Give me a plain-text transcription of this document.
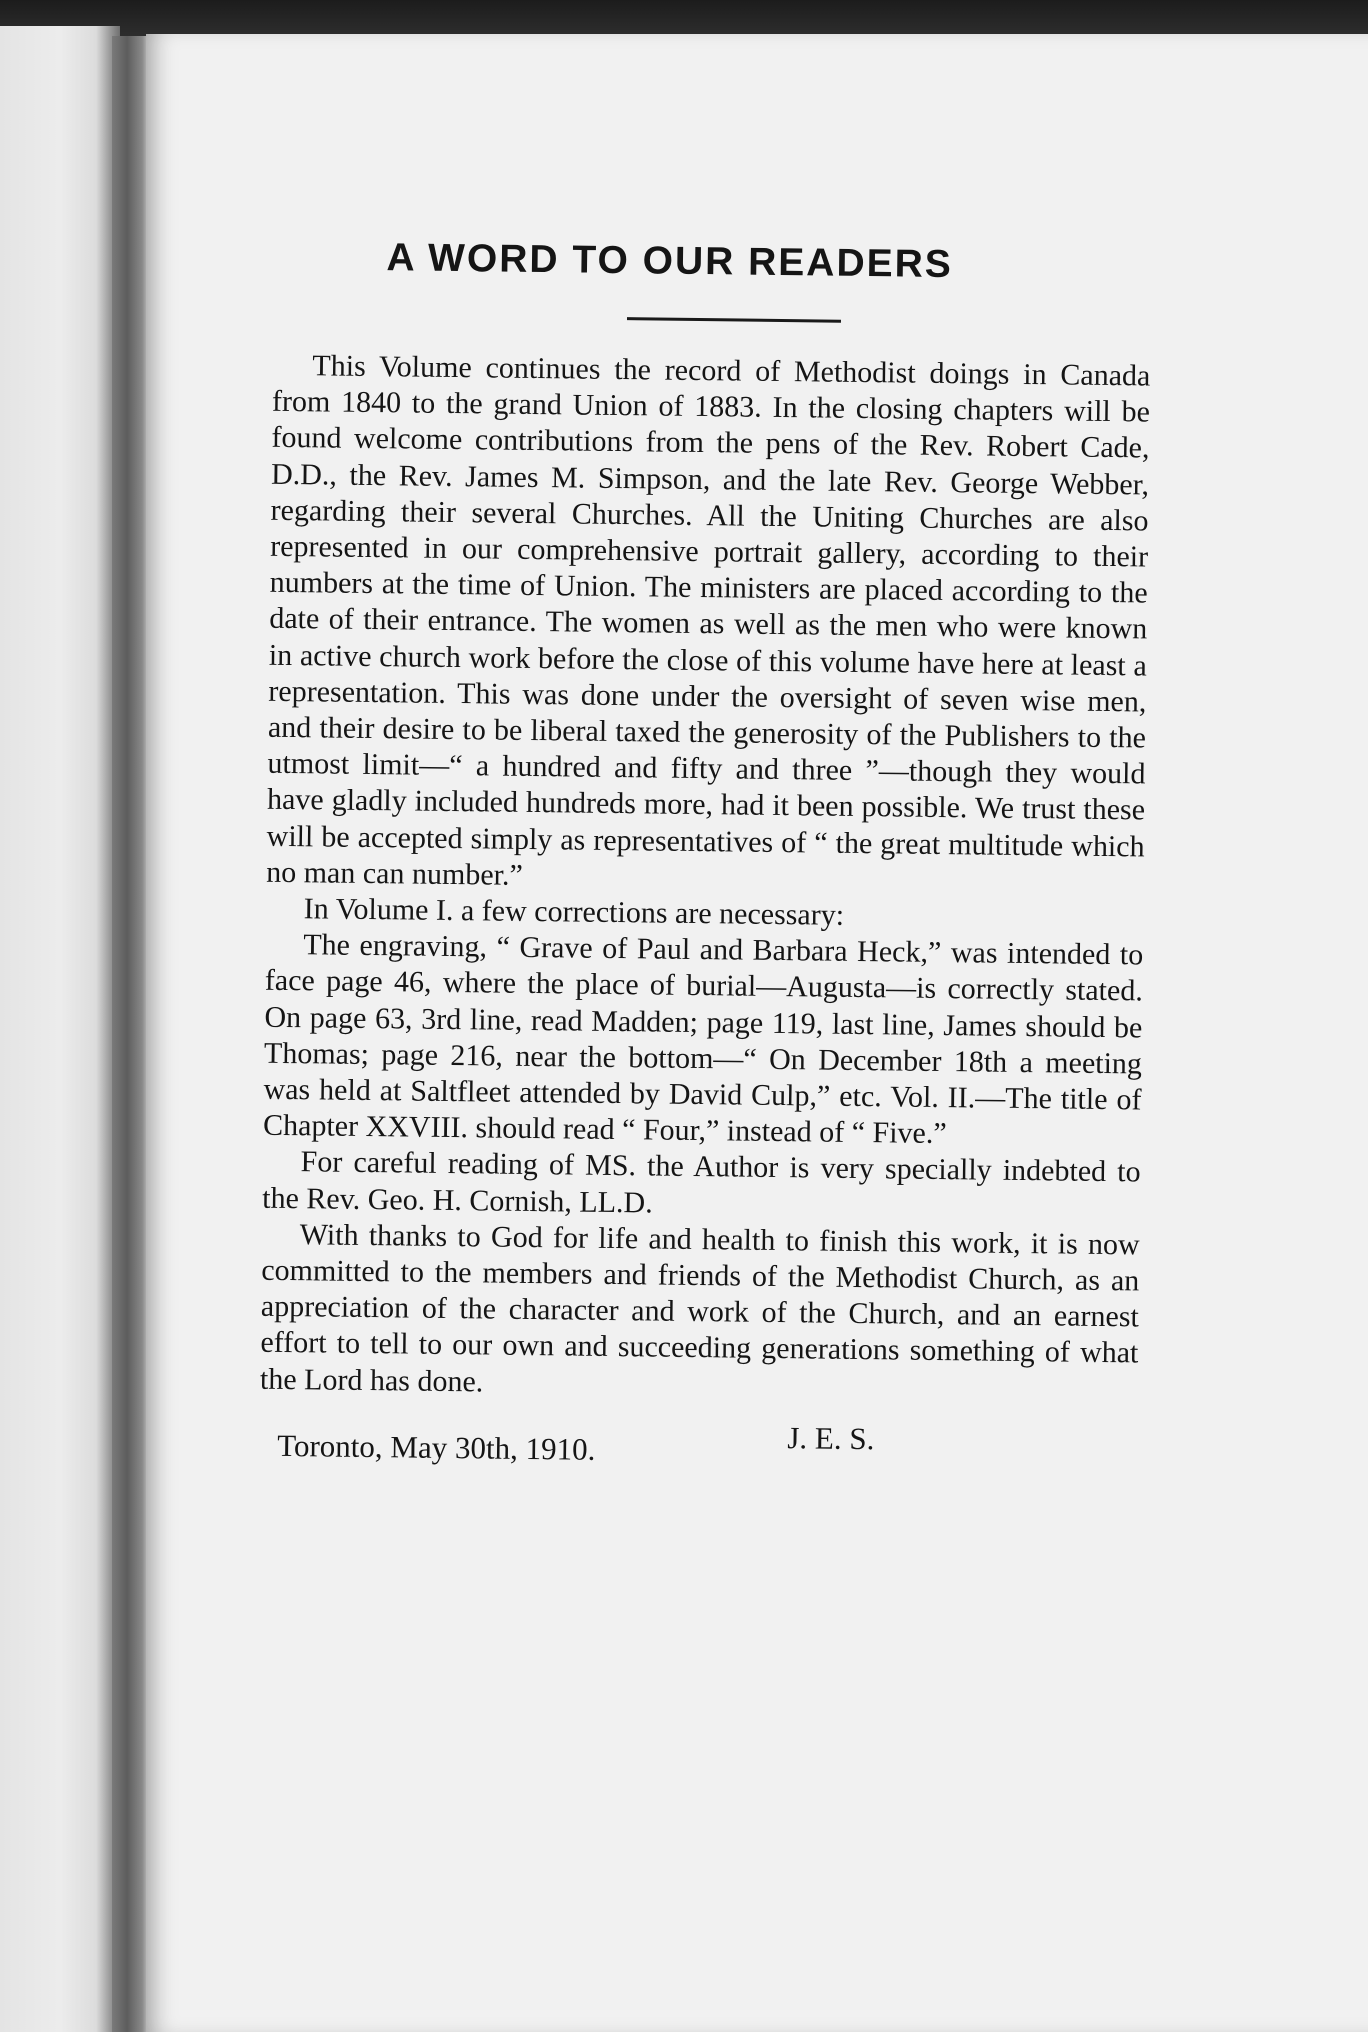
A WORD TO OUR READERS

This Volume continues the record of Methodist doings in Canada from 1840 to the grand Union of 1883. In the closing chapters will be found welcome contributions from the pens of the Rev. Robert Cade, D.D., the Rev. James M. Simpson, and the late Rev. George Webber, regarding their several Churches. All the Uniting Churches are also represented in our comprehensive portrait gallery, according to their numbers at the time of Union. The ministers are placed according to the date of their entrance. The women as well as the men who were known in active church work before the close of this volume have here at least a representation. This was done under the oversight of seven wise men, and their desire to be liberal taxed the generosity of the Publishers to the utmost limit—“ a hundred and fifty and three ”—though they would have gladly included hundreds more, had it been possible. We trust these will be accepted simply as representatives of “ the great multitude which no man can number.”

In Volume I. a few corrections are necessary:

The engraving, “ Grave of Paul and Barbara Heck,” was intended to face page 46, where the place of burial—Augusta—is correctly stated. On page 63, 3rd line, read Madden; page 119, last line, James should be Thomas; page 216, near the bottom—“ On December 18th a meeting was held at Saltfleet attended by David Culp,” etc. Vol. II.—The title of Chapter XXVIII. should read “ Four,” instead of “ Five.”

For careful reading of MS. the Author is very specially indebted to the Rev. Geo. H. Cornish, LL.D.

With thanks to God for life and health to finish this work, it is now committed to the members and friends of the Methodist Church, as an appreciation of the character and work of the Church, and an earnest effort to tell to our own and succeeding generations something of what the Lord has done.

Toronto, May 30th, 1910.	J. E. S.
